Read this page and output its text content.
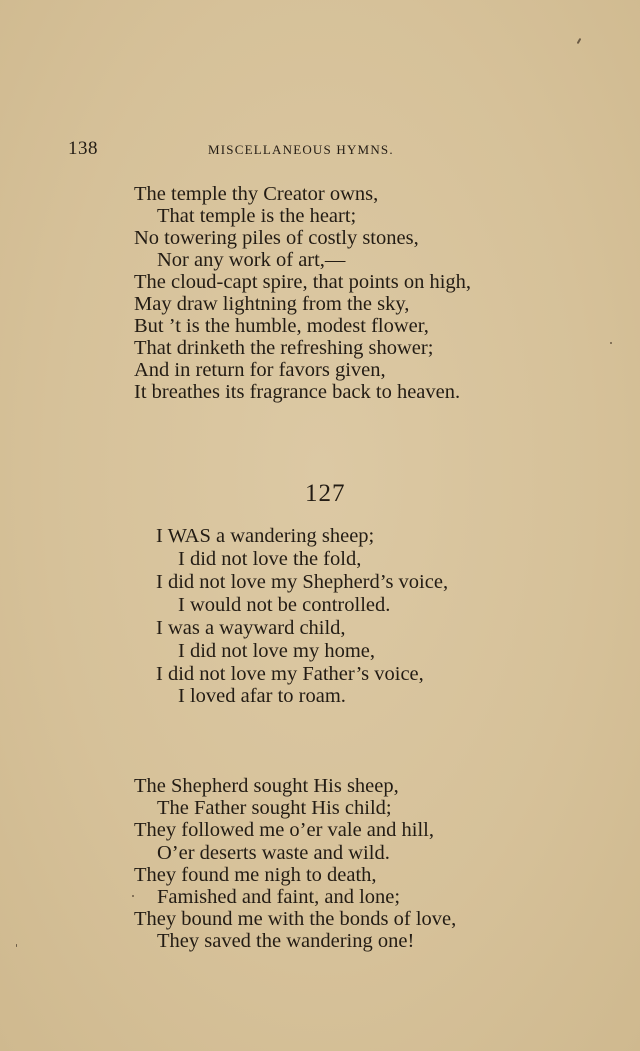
138	MISCELLANEOUS HYMNS.
The temple thy Creator owns,
That temple is the heart;
No towering piles of costly stones,
Nor any work of art,—
The cloud-capt spire, that points on high,
May draw lightning from the sky,
But ’t is the humble, modest flower,
That drinketh the refreshing shower;
And in return for favors given,
It breathes its fragrance back to heaven.
127
I WAS a wandering sheep;
I did not love the fold,
I did not love my Shepherd’s voice,
I would not be controlled.
I was a wayward child,
I did not love my home,
I did not love my Father’s voice,
I loved afar to roam.
The Shepherd sought His sheep,
The Father sought His child;
They followed me o’er vale and hill,
O’er deserts waste and wild.
They found me nigh to death,
Famished and faint, and lone;
They bound me with the bonds of love,
They saved the wandering one!
